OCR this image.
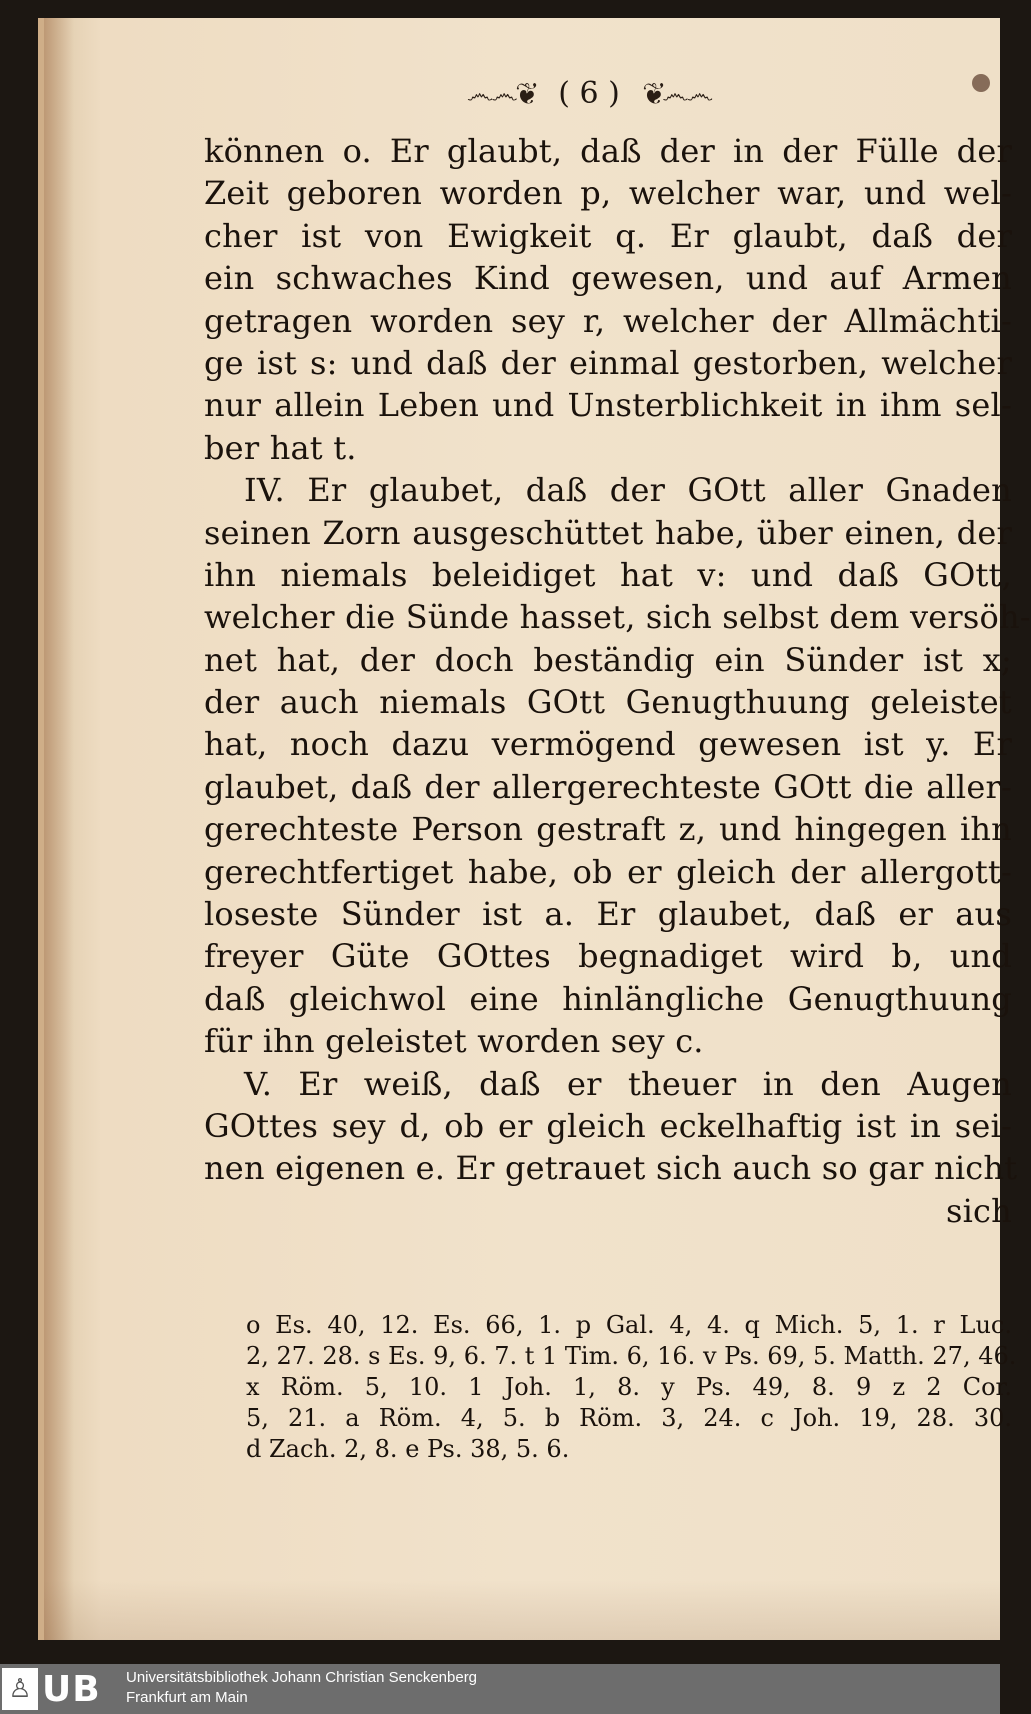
෴෴❦ ( 6 ) ❦෴෴
können o. Er glaubt, daß der in der Fülle der
Zeit geboren worden p, welcher war, und wel-
cher ist von Ewigkeit q. Er glaubt, daß der
ein schwaches Kind gewesen, und auf Armen
getragen worden sey r, welcher der Allmächti-
ge ist s: und daß der einmal gestorben, welcher
nur allein Leben und Unsterblichkeit in ihm sel-
ber hat t.
IV. Er glaubet, daß der GOtt aller Gnaden
seinen Zorn ausgeschüttet habe, über einen, der
ihn niemals beleidiget hat v: und daß GOtt,
welcher die Sünde hasset, sich selbst dem versöh-
net hat, der doch beständig ein Sünder ist x;
der auch niemals GOtt Genugthuung geleistet
hat, noch dazu vermögend gewesen ist y. Er
glaubet, daß der allergerechteste GOtt die aller-
gerechteste Person gestraft z, und hingegen ihn
gerechtfertiget habe, ob er gleich der allergott-
loseste Sünder ist a. Er glaubet, daß er aus
freyer Güte GOttes begnadiget wird b, und
daß gleichwol eine hinlängliche Genugthuung
für ihn geleistet worden sey c.
V. Er weiß, daß er theuer in den Augen
GOttes sey d, ob er gleich eckelhaftig ist in sei-
nen eigenen e. Er getrauet sich auch so gar nicht
sich
o Es. 40, 12. Es. 66, 1. p Gal. 4, 4. q Mich. 5, 1. r Luc.
2, 27. 28. s Es. 9, 6. 7. t 1 Tim. 6, 16. v Ps. 69, 5. Matth. 27, 46.
x Röm. 5, 10. 1 Joh. 1, 8. y Ps. 49, 8. 9 z 2 Cor.
5, 21. a Röm. 4, 5. b Röm. 3, 24. c Joh. 19, 28. 30.
d Zach. 2, 8. e Ps. 38, 5. 6.
♙ UB Universitätsbibliothek Johann Christian Senckenberg
Frankfurt am Main
